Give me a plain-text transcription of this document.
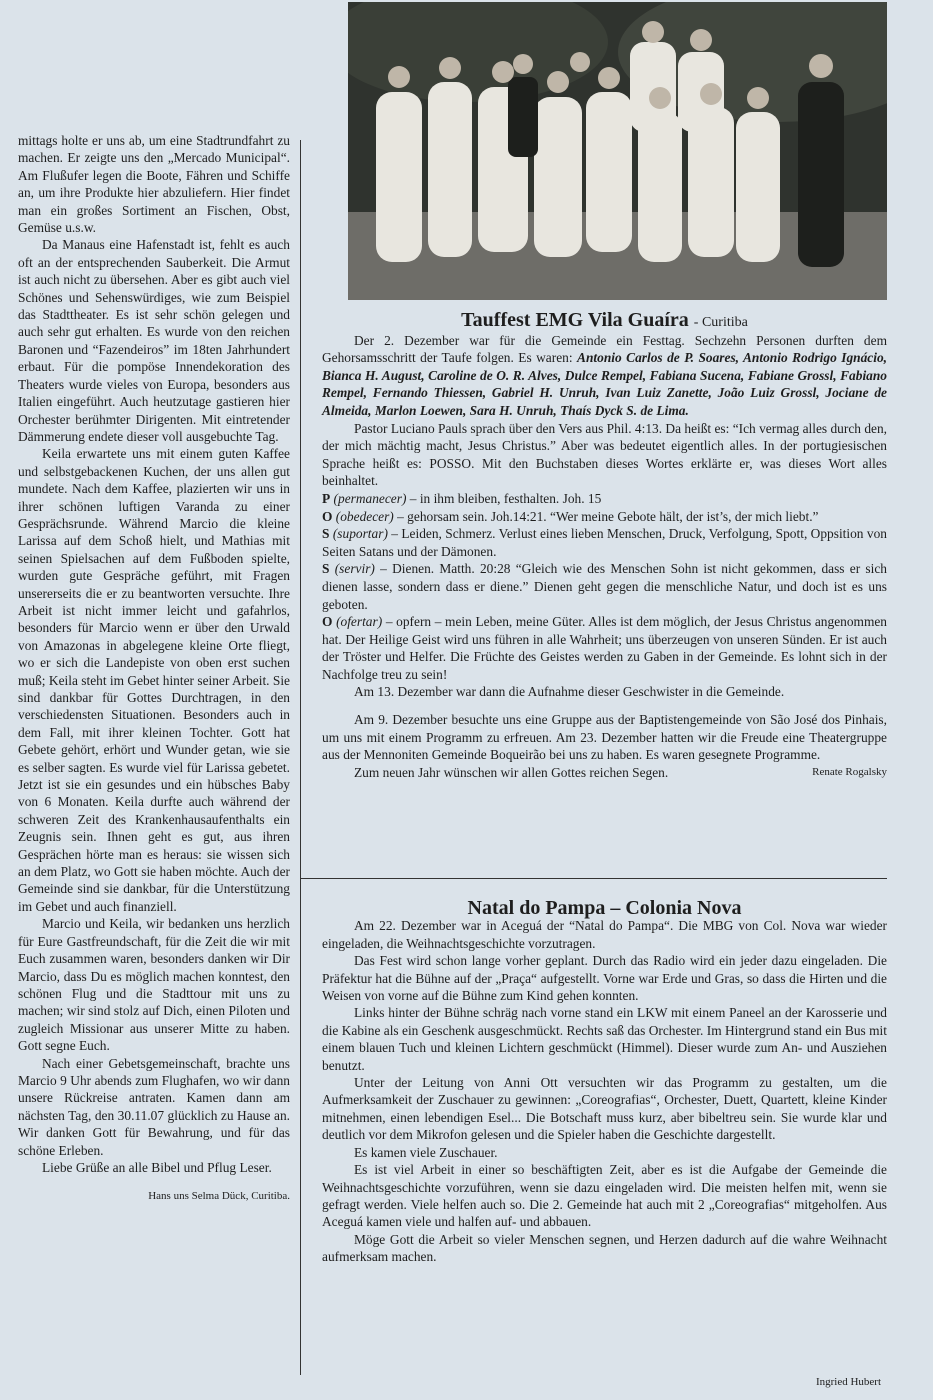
mittags holte er uns ab, um eine Stadtrundfahrt zu machen. Er zeigte uns den „Mercado Municipal“. Am Flußufer legen die Boote, Fähren und Schiffe an, um ihre Produkte hier abzuliefern. Hier findet man ein großes Sortiment an Fischen, Obst, Gemüse u.s.w.

Da Manaus eine Hafenstadt ist, fehlt es auch oft an der entsprechenden Sauberkeit. Die Armut ist auch nicht zu übersehen. Aber es gibt auch viel Schönes und Sehenswürdiges, wie zum Beispiel das Stadttheater. Es ist sehr schön gelegen und auch sehr gut erhalten. Es wurde von den reichen Baronen und “Fazendeiros” im 18ten Jahrhundert erbaut. Für die pompöse Innendekoration des Theaters wurde vieles von Europa, besonders aus Italien eingeführt. Auch heutzutage gastieren hier Orchester berühmter Dirigenten. Mit eintretender Dämmerung endete dieser voll ausgebuchte Tag.

Keila erwartete uns mit einem guten Kaffee und selbstgebackenen Kuchen, der uns allen gut mundete. Nach dem Kaffee, plazierten wir uns in ihrer schönen luftigen Varanda zu einer Gesprächsrunde. Während Marcio die kleine Larissa auf dem Schoß hielt, und Mathias mit seinen Spielsachen auf dem Fußboden spielte, wurden gute Gespräche geführt, mit Fragen unsererseits die er zu beantworten versuchte. Ihre Arbeit ist nicht immer leicht und gafahrlos, besonders für Marcio wenn er über den Urwald von Amazonas in abgelegene kleine Orte fliegt, wo er sich die Landepiste von oben erst suchen muß; Keila steht im Gebet hinter seiner Arbeit. Sie sind dankbar für Gottes Durchtragen, in den verschiedensten Situationen. Besonders auch in dem Fall, mit ihrer kleinen Tochter. Gott hat Gebete gehört, erhört und Wunder getan, wie sie es selber sagten. Es wurde viel für Larissa gebetet. Jetzt ist sie ein gesundes und ein hübsches Baby von 6 Monaten. Keila durfte auch während der schweren Zeit des Krankenhausaufenthalts ein Zeugnis sein. Ihnen geht es gut, aus ihren Gesprächen hörte man es heraus: sie wissen sich an dem Platz, wo Gott sie haben möchte. Auch der Gemeinde sind sie dankbar, für die Unterstützung im Gebet und auch finanziell.

Marcio und Keila, wir bedanken uns herzlich für Eure Gastfreundschaft, für die Zeit die wir mit Euch zusammen waren, besonders danken wir Dir Marcio, dass Du es möglich machen konntest, den schönen Flug und die Stadttour mit uns zu machen; wir sind stolz auf Dich, einen Piloten und zugleich Missionar aus unserer Mitte zu haben. Gott segne Euch.

Nach einer Gebetsgemeinschaft, brachte uns Marcio 9 Uhr abends zum Flughafen, wo wir dann unsere Rückreise antraten. Kamen dann am nächsten Tag, den 30.11.07 glücklich zu Hause an. Wir danken Gott für Bewahrung, und für das schöne Erleben.

Liebe Grüße an alle Bibel und Pflug Leser.

Hans uns Selma Dück, Curitiba.

Tauffest EMG Vila Guaíra - Curitiba

Der 2. Dezember war für die Gemeinde ein Festtag. Sechzehn Personen durften dem Gehorsamsschritt der Taufe folgen. Es waren: Antonio Carlos de P. Soares, Antonio Rodrigo Ignácio, Bianca H. August, Caroline de O. R. Alves, Dulce Rempel, Fabiana Sucena, Fabiane Grossl, Fabiano Rempel, Fernando Thiessen, Gabriel H. Unruh, Ivan Luiz Zanette, João Luiz Grossl, Jociane de Almeida, Marlon Loewen, Sara H. Unruh, Thaís Dyck S. de Lima.

Pastor Luciano Pauls sprach über den Vers aus Phil. 4:13. Da heißt es: “Ich vermag alles durch den, der mich mächtig macht, Jesus Christus.” Aber was bedeutet eigentlich alles. In der portugiesischen Sprache heißt es: POSSO. Mit den Buchstaben dieses Wortes erklärte er, was dieses Wort alles beinhaltet.

P (permanecer) – in ihm bleiben, festhalten. Joh. 15

O (obedecer) – gehorsam sein. Joh.14:21. “Wer meine Gebote hält, der ist’s, der mich liebt.”

S (suportar) – Leiden, Schmerz. Verlust eines lieben Menschen, Druck, Verfolgung, Spott, Oppsition von Seiten Satans und der Dämonen.

S (servir) – Dienen. Matth. 20:28 “Gleich wie des Menschen Sohn ist nicht gekommen, dass er sich dienen lasse, sondern dass er diene.” Dienen geht gegen die menschliche Natur, und doch ist es uns geboten.

O (ofertar) – opfern – mein Leben, meine Güter. Alles ist dem möglich, der Jesus Christus angenommen hat. Der Heilige Geist wird uns führen in alle Wahrheit; uns überzeugen von unseren Sünden. Er ist auch der Tröster und Helfer. Die Früchte des Geistes werden zu Gaben in der Gemeinde. Es lohnt sich in der Nachfolge treu zu sein!

Am 13. Dezember war dann die Aufnahme dieser Geschwister in die Gemeinde.

Am 9. Dezember besuchte uns eine Gruppe aus der Baptistengemeinde von São José dos Pinhais, um uns mit einem Programm zu erfreuen. Am 23. Dezember hatten wir die Freude eine Theatergruppe aus der Mennoniten Gemeinde Boqueirão bei uns zu haben. Es waren gesegnete Programme.

Zum neuen Jahr wünschen wir allen Gottes reichen Segen.	Renate Rogalsky

Natal do Pampa – Colonia Nova

Am 22. Dezember war in Aceguá der “Natal do Pampa“. Die MBG von Col. Nova war wieder eingeladen, die Weihnachtsgeschichte vorzutragen.

Das Fest wird schon lange vorher geplant. Durch das Radio wird ein jeder dazu eingeladen. Die Präfektur hat die Bühne auf der „Praça“ aufgestellt. Vorne war Erde und Gras, so dass die Hirten und die Weisen von vorne auf die Bühne zum Kind gehen konnten.

Links hinter der Bühne schräg nach vorne stand ein LKW mit einem Paneel an der Karosserie und die Kabine als ein Geschenk ausgeschmückt. Rechts saß das Orchester. Im Hintergrund stand ein Bus mit einem blauen Tuch und kleinen Lichtern geschmückt (Himmel). Dieser wurde zum An- und Ausziehen benutzt.

Unter der Leitung von Anni Ott versuchten wir das Programm zu gestalten, um die Aufmerksamkeit der Zuschauer zu gewinnen: „Coreografias“, Orchester, Duett, Quartett, kleine Kinder mitnehmen, einen lebendigen Esel... Die Botschaft muss kurz, aber bibeltreu sein. Sie wurde klar und deutlich vor dem Mikrofon gelesen und die Spieler haben die Geschichte dargestellt.

Es kamen viele Zuschauer.

Es ist viel Arbeit in einer so beschäftigten Zeit, aber es ist die Aufgabe der Gemeinde die Weihnachtsgeschichte vorzuführen, wenn sie dazu eingeladen wird. Die meisten helfen mit, wenn sie gefragt werden. Viele helfen auch so. Die 2. Gemeinde hat auch mit 2 „Coreografias“ mitgeholfen. Aus Aceguá kamen viele und halfen auf- und abbauen.

Möge Gott die Arbeit so vieler Menschen segnen, und Herzen dadurch auf die wahre Weihnacht aufmerksam machen.

Ingried Hubert
